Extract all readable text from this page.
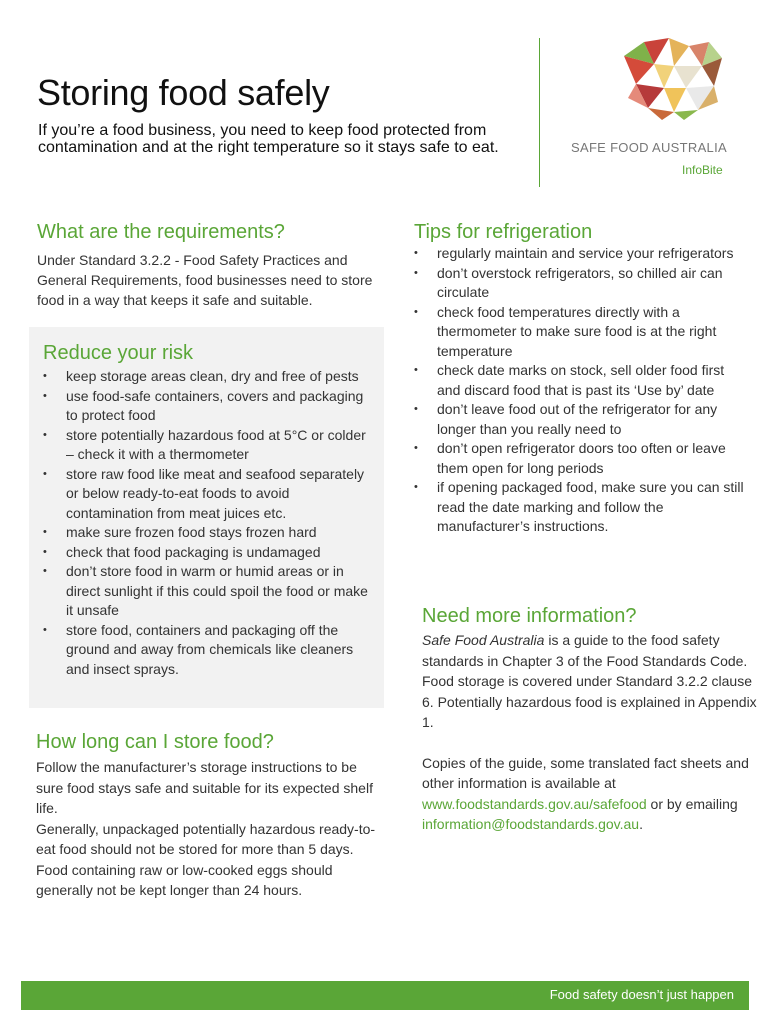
Storing food safely

If you’re a food business, you need to keep food protected from contamination and at the right temperature so it stays safe to eat.	SAFE FOOD AUSTRALIA

InfoBite

What are the requirements?

Under Standard 3.2.2 - Food Safety Practices and General Requirements, food businesses need to store food in a way that keeps it safe and suitable.

Reduce your risk
• keep storage areas clean, dry and free of pests
• use food-safe containers, covers and packaging to protect food
• store potentially hazardous food at 5°C or colder – check it with a thermometer
• store raw food like meat and seafood separately or below ready-to-eat foods to avoid contamination from meat juices etc.
• make sure frozen food stays frozen hard
• check that food packaging is undamaged
• don’t store food in warm or humid areas or in direct sunlight if this could spoil the food or make it unsafe
• store food, containers and packaging off the ground and away from chemicals like cleaners and insect sprays.
How long can I store food?

Follow the manufacturer’s storage instructions to be sure food stays safe and suitable for its expected shelf life.

Generally, unpackaged potentially hazardous ready-to-eat food should not be stored for more than 5 days. Food containing raw or low-cooked eggs should generally not be kept longer than 24 hours.

Tips for refrigeration
• regularly maintain and service your refrigerators
• don’t overstock refrigerators, so chilled air can circulate
• check food temperatures directly with a thermometer to make sure food is at the right temperature
• check date marks on stock, sell older food first and discard food that is past its ‘Use by’ date
• don’t leave food out of the refrigerator for any longer than you really need to
• don’t open refrigerator doors too often or leave them open for long periods
• if opening packaged food, make sure you can still read the date marking and follow the manufacturer’s instructions.
Need more information?

Safe Food Australia is a guide to the food safety standards in Chapter 3 of the Food Standards Code. Food storage is covered under Standard 3.2.2 clause 6. Potentially hazardous food is explained in Appendix 1.

Copies of the guide, some translated fact sheets and other information is available at www.foodstandards.gov.au/safefood or by emailing information@foodstandards.gov.au.

Food safety doesn’t just happen
